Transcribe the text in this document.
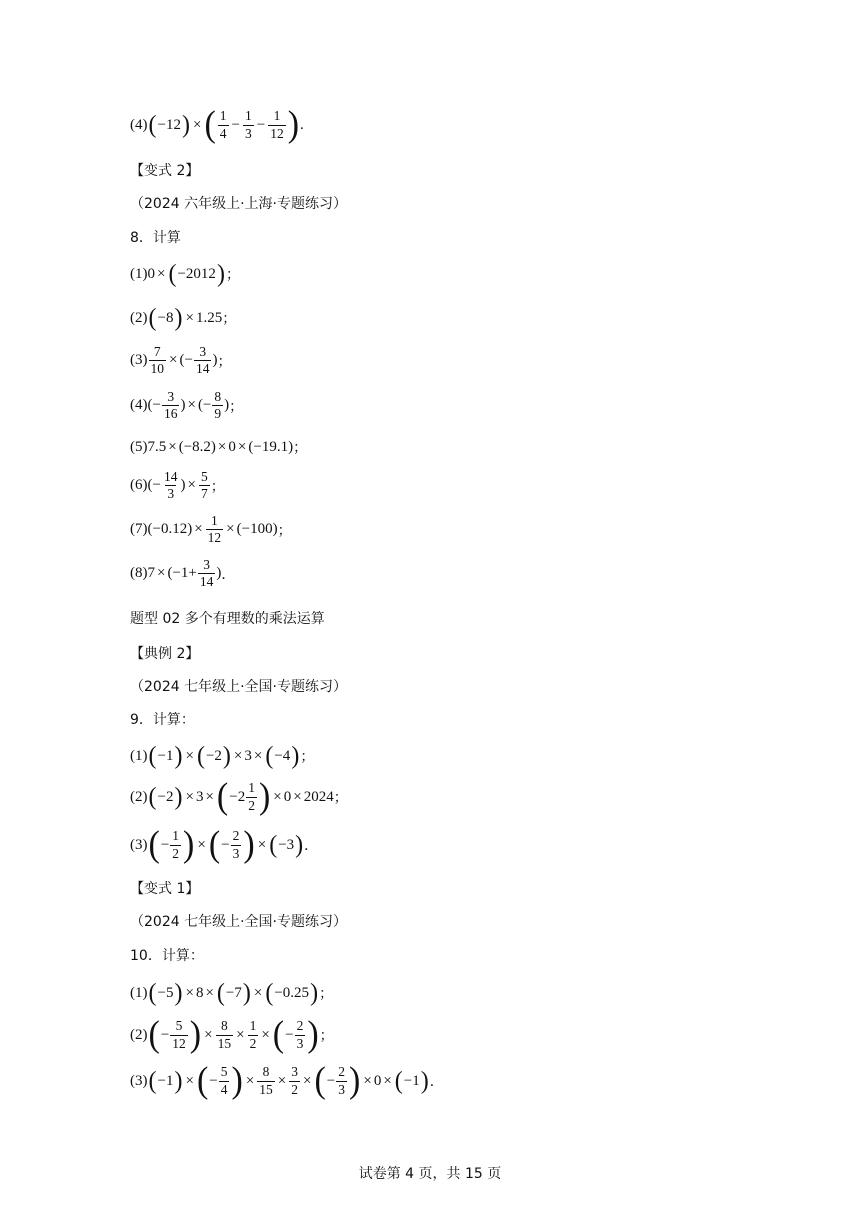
(4) ( −12 ) × ( $\frac{1}{4} - \frac{1}{3} - \frac{1}{12}$ ) .
【变式 2】
（2024 六年级上·上海·专题练习）
8．计算
(1) 0 × ( −2012 ) ；
(2) ( −8 ) × 1.25 ；
$(3) \frac{7}{10}$ × (− $\frac{3}{14}$ ) ；
(4) (− $\frac{3}{16}$ ) × (− $\frac{8}{9}$ ) ；
(5) 7.5 × (−8.2) × 0 × (−19.1) ；
(6) (− $\frac{14}{3}$ ) × $\frac{5}{7}$ ；
(7) $(-0.12) \times \frac{1}{12} \times (-100)$ ；
(8) $7 \times (-1+ \frac{3}{14}$ ) ．
题型 02 多个有理数的乘法运算
【典例 2】
（2024 七年级上·全国·专题练习）
9．计算：
(1) ( −1 ) × ( −2 ) × 3 × ( −4 ) ；
(2) ( −2 ) × 3 × ( $-2 \frac{1}{2}$ ) × 0 × 2024 ；
(3) ( − $\frac{1}{2}$ ) × ( − $\frac{2}{3}$ ) × ( −3 ) ．
【变式 1】
（2024 七年级上·全国·专题练习）
10．计算：
(1) ( −5 ) × 8 × ( −7 ) × ( −0.25 ) ；
(2) ( − $\frac{5}{12}$ ) × $\frac{8}{15} \times \frac{1}{2}$ × ( − $\frac{2}{3}$ ) ；
(3) ( −1 ) × ( − $\frac{5}{4}$ ) × $\frac{8}{15} \times \frac{3}{2}$ × ( − $\frac{2}{3}$ ) × 0 × ( −1 ) ．
试卷第 4 页，共 15 页
